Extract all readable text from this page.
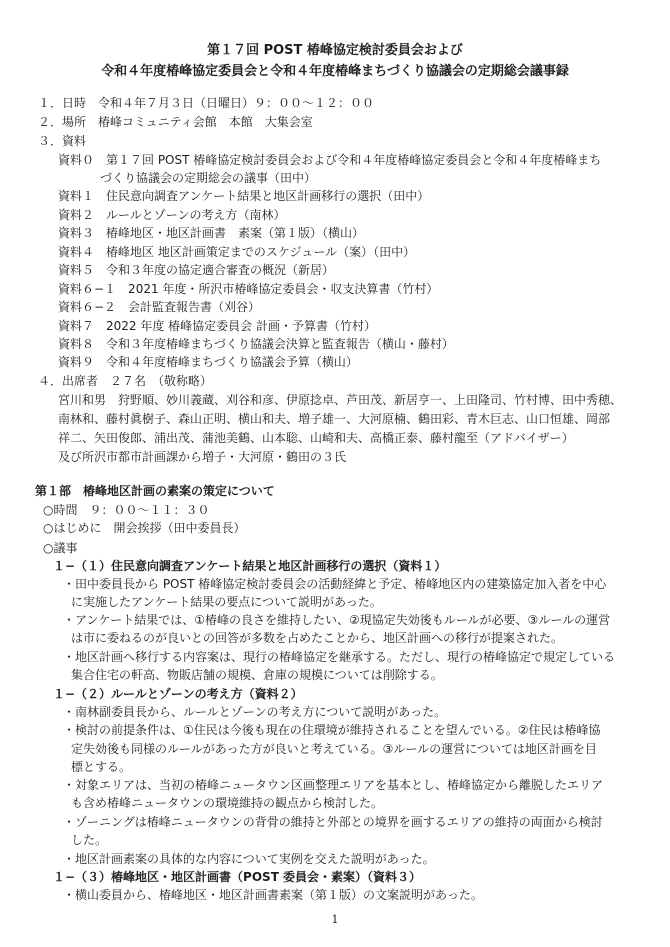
第１７回 POST 椿峰協定検討委員会および
令和４年度椿峰協定委員会と令和４年度椿峰まちづくり協議会の定期総会議事録
１．日時　令和４年７月３日（日曜日）９：００〜１２：００
２．場所　椿峰コミュニティ会館　本館　大集会室
３．資料
資料０　第１７回 POST 椿峰協定検討委員会および令和４年度椿峰協定委員会と令和４年度椿峰まち
づくり協議会の定期総会の議事（田中）
資料１　住民意向調査アンケート結果と地区計画移行の選択（田中）
資料２　ルールとゾーンの考え方（南林）
資料３　椿峰地区・地区計画書　素案（第１版）（横山）
資料４　椿峰地区 地区計画策定までのスケジュール（案）（田中）
資料５　令和３年度の協定適合審査の概況（新居）
資料６−１　2021 年度・所沢市椿峰協定委員会・収支決算書（竹村）
資料６−２　会計監査報告書（刈谷）
資料７　2022 年度 椿峰協定委員会 計画・予算書（竹村）
資料８　令和３年度椿峰まちづくり協議会決算と監査報告（横山・藤村）
資料９　令和４年度椿峰まちづくり協議会予算（横山）
４．出席者　２７名　（敬称略）
宮川和男　狩野順、妙川義蔵、刈谷和彦、伊原捻卓、芦田茂、新居亨一、上田隆司、竹村博、田中秀穂、
南林和、藤村眞樹子、森山正明、横山和夫、増子雄一、大河原楠、鶴田彩、青木巨志、山口恒雄、岡部
祥二、矢田俊郎、浦出茂、蒲池美鶴、山本聡、山崎和夫、高橋正泰、藤村龍至（アドバイザー）
及び所沢市都市計画課から増子・大河原・鶴田の３氏
第１部　椿峰地区計画の素案の策定について
○時間　９：００〜１１：３０
○はじめに　開会挨拶（田中委員長）
○議事
１−（１）住民意向調査アンケート結果と地区計画移行の選択（資料１）
・田中委員長から POST 椿峰協定検討委員会の活動経緯と予定、椿峰地区内の建築協定加入者を中心
に実施したアンケート結果の要点について説明があった。
・アンケート結果では、①椿峰の良さを維持したい、②現協定失効後もルールが必要、③ルールの運営
は市に委ねるのが良いとの回答が多数を占めたことから、地区計画への移行が提案された。
・地区計画へ移行する内容案は、現行の椿峰協定を継承する。ただし、現行の椿峰協定で規定している
集合住宅の軒高、物販店舗の規模、倉庫の規模については削除する。
１−（２）ルールとゾーンの考え方（資料２）
・南林副委員長から、ルールとゾーンの考え方について説明があった。
・検討の前提条件は、①住民は今後も現在の住環境が維持されることを望んでいる。②住民は椿峰協
定失効後も同様のルールがあった方が良いと考えている。③ルールの運営については地区計画を目
標とする。
・対象エリアは、当初の椿峰ニュータウン区画整理エリアを基本とし、椿峰協定から離脱したエリア
も含め椿峰ニュータウンの環境維持の観点から検討した。
・ゾーニングは椿峰ニュータウンの背骨の維持と外部との境界を画するエリアの維持の両面から検討
した。
・地区計画素案の具体的な内容について実例を交えた説明があった。
１−（３）椿峰地区・地区計画書（POST 委員会・素案）（資料３）
・横山委員から、椿峰地区・地区計画書素案（第１版）の文案説明があった。
1
